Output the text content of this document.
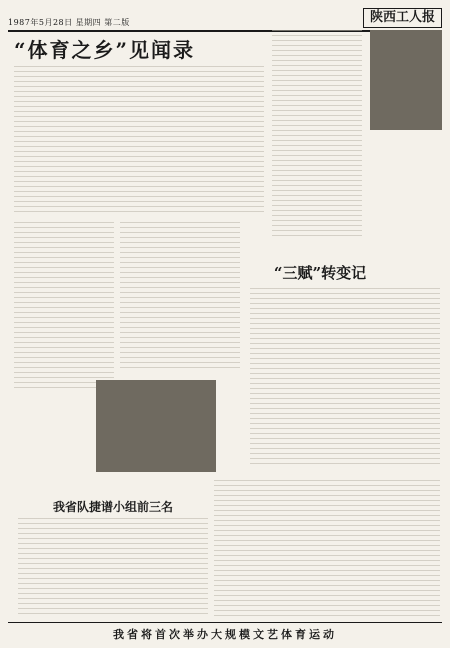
1987年5月28日 星期四 第二版	陕西工人报
“体育之乡”见闻录
“三赋”转变记
我省队捷谱小组前三名
我省将首次举办大规模文艺体育运动
